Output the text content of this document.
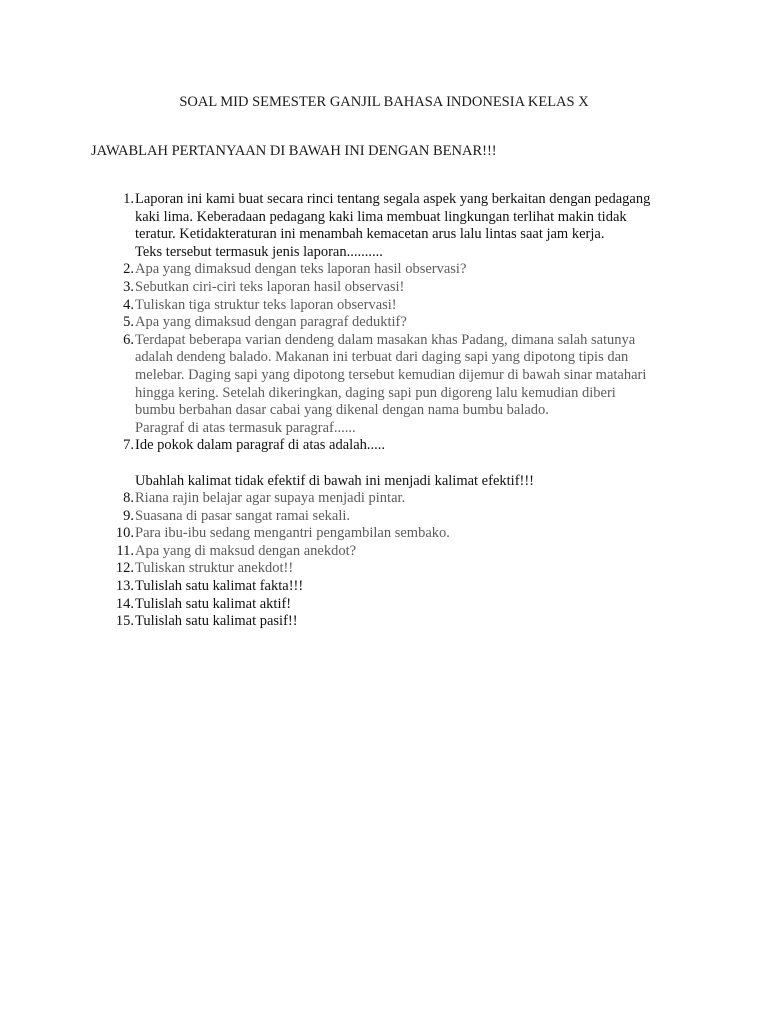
SOAL MID SEMESTER GANJIL BAHASA INDONESIA KELAS X
JAWABLAH PERTANYAAN DI BAWAH INI DENGAN BENAR!!!
1. Laporan ini kami buat secara rinci tentang segala aspek yang berkaitan dengan pedagang

kaki lima. Keberadaan pedagang kaki lima membuat lingkungan terlihat makin tidak

teratur. Ketidakteraturan ini menambah kemacetan arus lalu lintas saat jam kerja.

Teks tersebut termasuk jenis laporan..........

2. Apa yang dimaksud dengan teks laporan hasil observasi?
3. Sebutkan ciri-ciri teks laporan hasil observasi!
4. Tuliskan tiga struktur teks laporan observasi!
5. Apa yang dimaksud dengan paragraf deduktif?
6. Terdapat beberapa varian dendeng dalam masakan khas Padang, dimana salah satunya

adalah dendeng balado. Makanan ini terbuat dari daging sapi yang dipotong tipis dan

melebar. Daging sapi yang dipotong tersebut kemudian dijemur di bawah sinar matahari

hingga kering. Setelah dikeringkan, daging sapi pun digoreng lalu kemudian diberi

bumbu berbahan dasar cabai yang dikenal dengan nama bumbu balado.

Paragraf di atas termasuk paragraf......

7. Ide pokok dalam paragraf di atas adalah.....
Ubahlah kalimat tidak efektif di bawah ini menjadi kalimat efektif!!!
8. Riana rajin belajar agar supaya menjadi pintar.
9. Suasana di pasar sangat ramai sekali.
10. Para ibu-ibu sedang mengantri pengambilan sembako.
11. Apa yang di maksud dengan anekdot?
12. Tuliskan struktur anekdot!!
13. Tulislah satu kalimat fakta!!!
14. Tulislah satu kalimat aktif!
15. Tulislah satu kalimat pasif!!
